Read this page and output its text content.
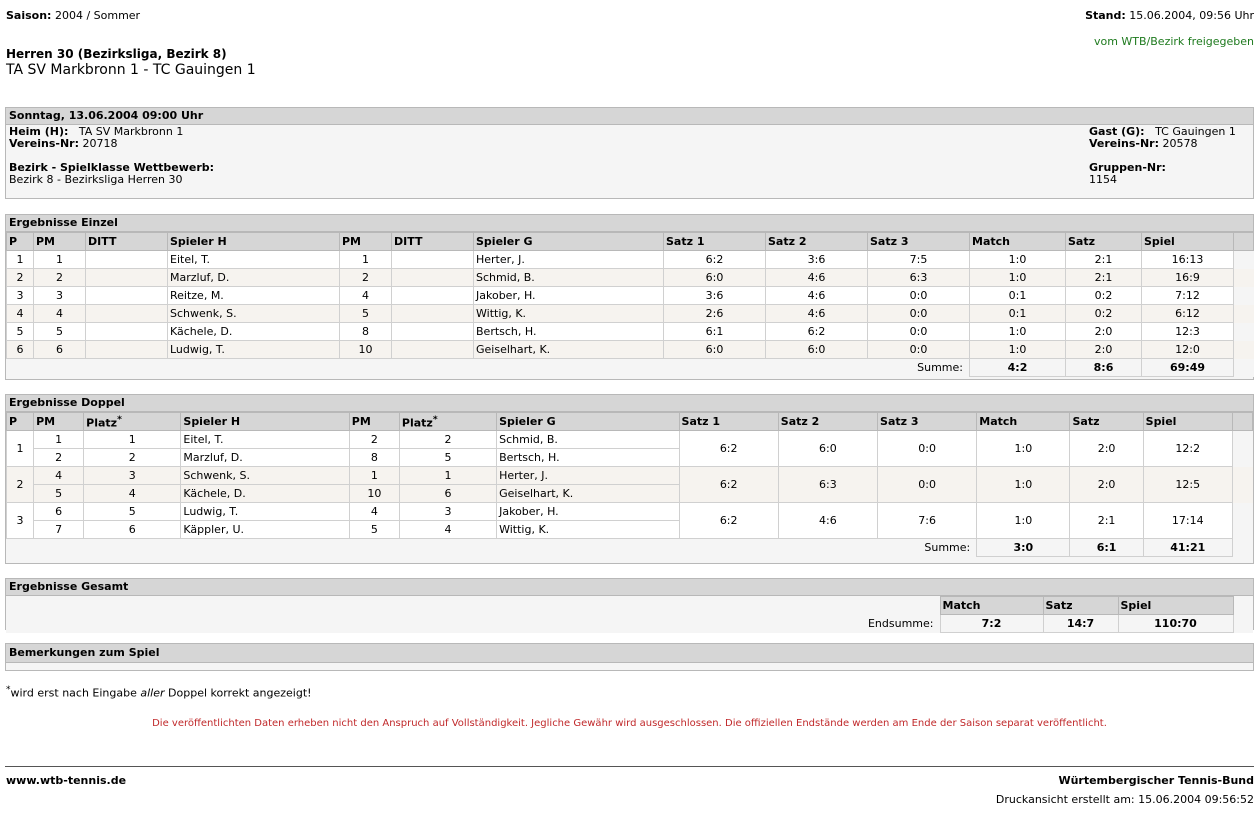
Saison: 2004 / Sommer	Stand: 15.06.2004, 09:56 Uhr
vom WTB/Bezirk freigegeben
Herren 30 (Bezirksliga, Bezirk 8)
TA SV Markbronn 1 - TC Gauingen 1
Sonntag, 13.06.2004 09:00 Uhr
Heim (H): TA SV Markbronn 1
Vereins-Nr: 20718
Gast (G): TC Gauingen 1
Vereins-Nr: 20578
Bezirk - Spielklasse Wettbewerb:
Bezirk 8 - Bezirksliga Herren 30
Gruppen-Nr:
1154
Ergebnisse Einzel
P	PM	DITT	Spieler H	PM	DITT	Spieler G	Satz 1	Satz 2	Satz 3	Match	Satz	Spiel	
1	1		Eitel, T.	1		Herter, J.	6:2	3:6	7:5	1:0	2:1	16:13	
2	2		Marzluf, D.	2		Schmid, B.	6:0	4:6	6:3	1:0	2:1	16:9	
3	3		Reitze, M.	4		Jakober, H.	3:6	4:6	0:0	0:1	0:2	7:12	
4	4		Schwenk, S.	5		Wittig, K.	2:6	4:6	0:0	0:1	0:2	6:12	
5	5		Kächele, D.	8		Bertsch, H.	6:1	6:2	0:0	1:0	2:0	12:3	
6	6		Ludwig, T.	10		Geiselhart, K.	6:0	6:0	0:0	1:0	2:0	12:0	
Summe:										4:2	8:6	69:49	
Ergebnisse Doppel
P	PM	Platz*	Spieler H	PM	Platz*	Spieler G	Satz 1	Satz 2	Satz 3	Match	Satz	Spiel	
1	1	1	Eitel, T.	2	2	Schmid, B.	6:2	6:0	0:0	1:0	2:0	12:2	
	2	2	Marzluf, D.	8	5	Bertsch, H.							
2	4	3	Schwenk, S.	1	1	Herter, J.	6:2	6:3	0:0	1:0	2:0	12:5	
	5	4	Kächele, D.	10	6	Geiselhart, K.							
3	6	5	Ludwig, T.	4	3	Jakober, H.	6:2	4:6	7:6	1:0	2:1	17:14	
	7	6	Käppler, U.	5	4	Wittig, K.							
Summe:										3:0	6:1	41:21	
Ergebnisse Gesamt
	Match	Satz	Spiel	
Endsumme:	7:2	14:7	110:70	
Bemerkungen zum Spiel
*wird erst nach Eingabe aller Doppel korrekt angezeigt!
Die veröffentlichten Daten erheben nicht den Anspruch auf Vollständigkeit. Jegliche Gewähr wird ausgeschlossen. Die offiziellen Endstände werden am Ende der Saison separat veröffentlicht.
www.wtb-tennis.de	Würtembergischer Tennis-Bund
Druckansicht erstellt am: 15.06.2004 09:56:52
